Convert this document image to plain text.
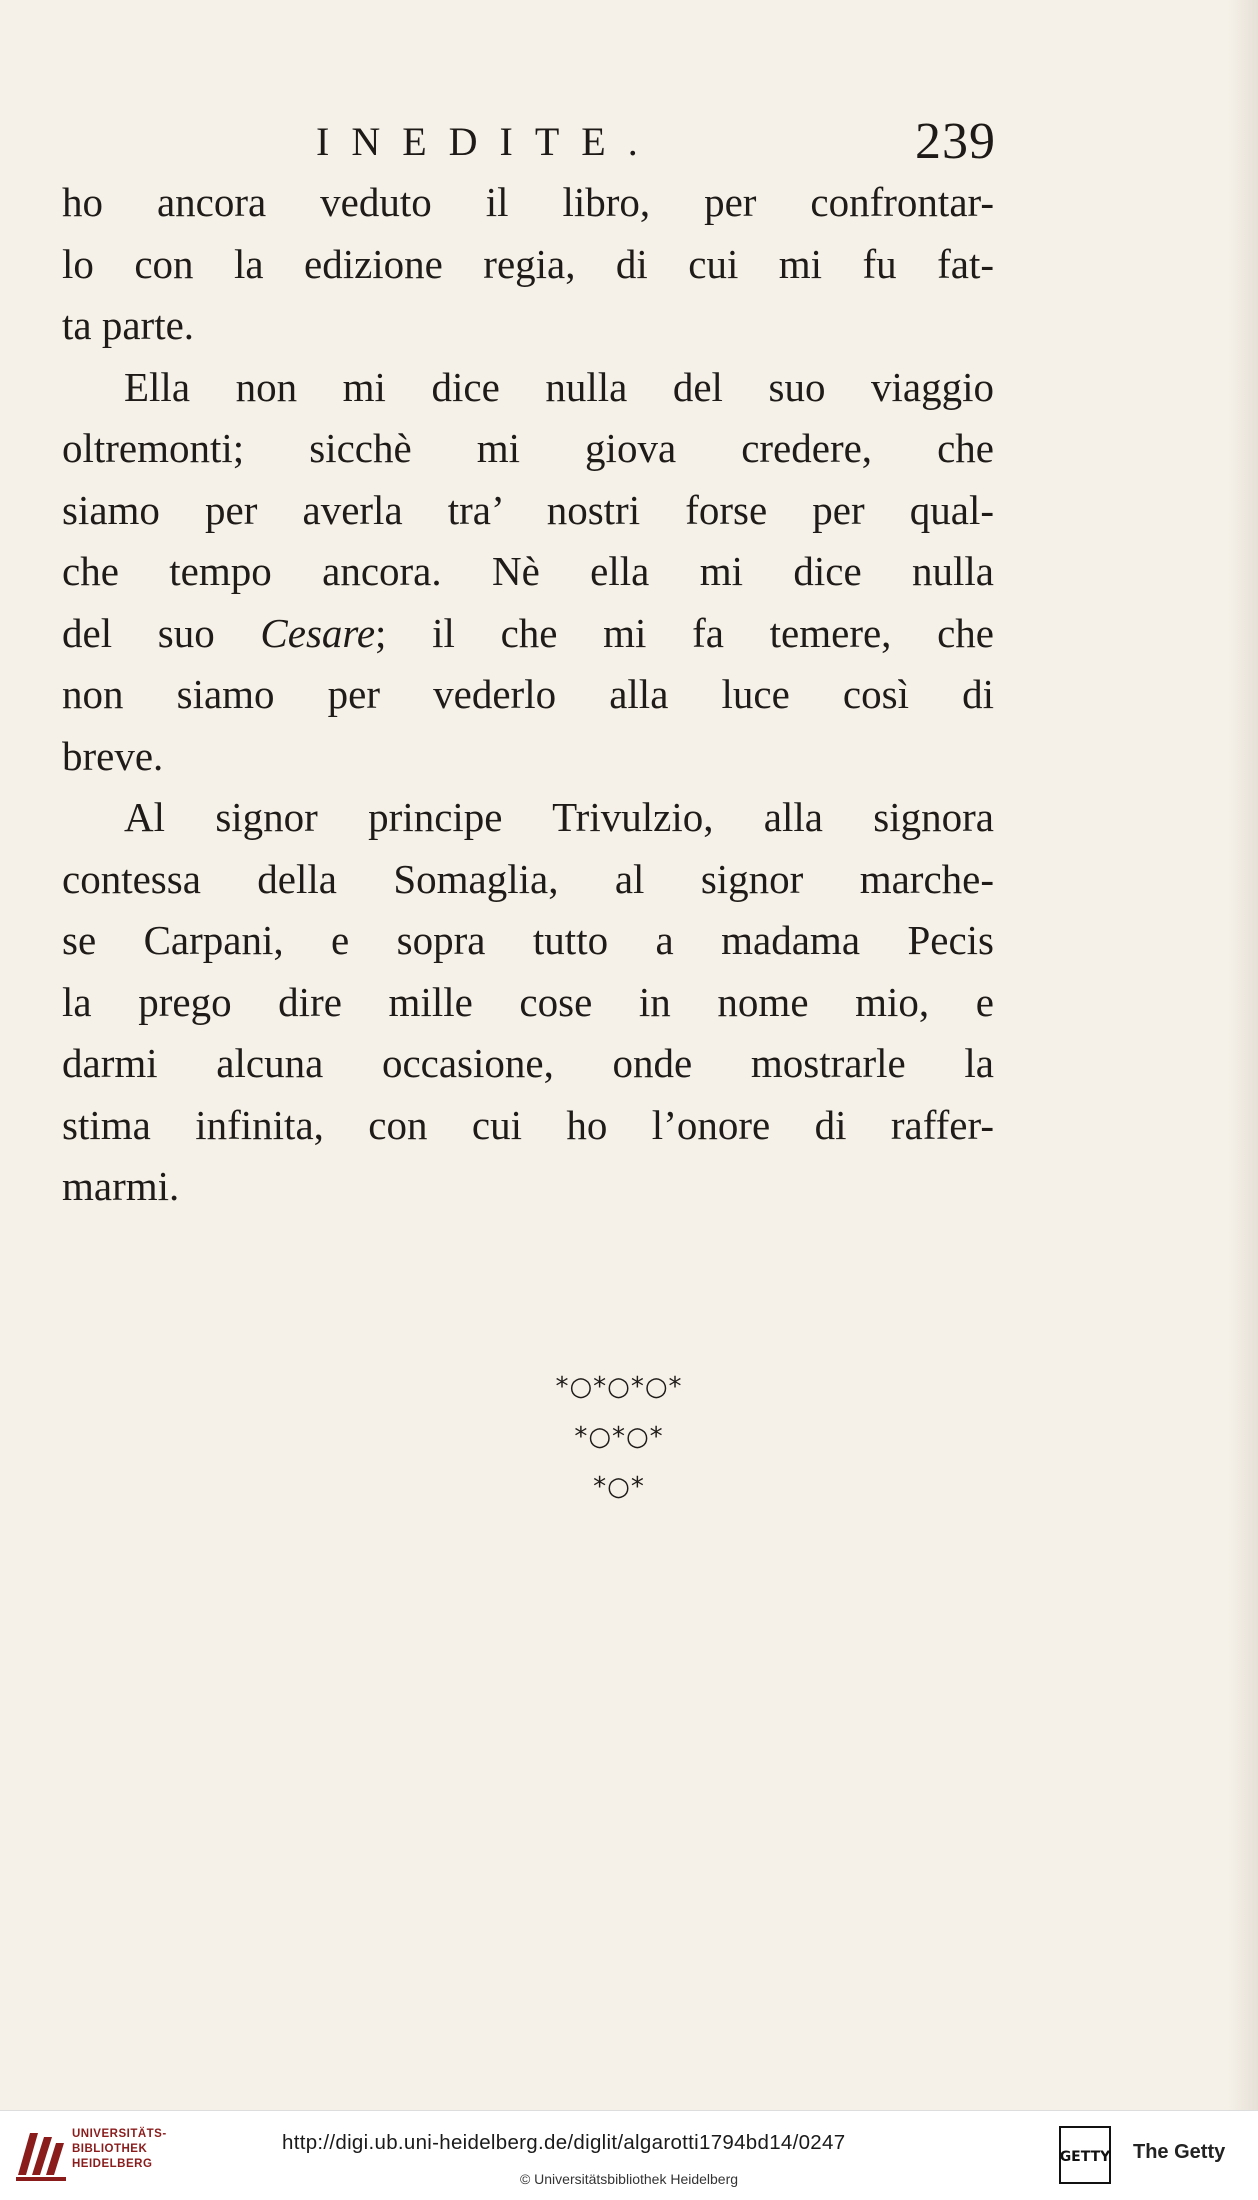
INEDITE.	239
ho ancora veduto il libro, per confrontar-
lo con la edizione regia, di cui mi fu fat-
ta parte.
Ella non mi dice nulla del suo viaggio
oltremonti; sicchè mi giova credere, che
siamo per averla tra’ nostri forse per qual-
che tempo ancora. Nè ella mi dice nulla
del suo Cesare; il che mi fa temere, che
non siamo per vederlo alla luce così di
breve.
Al signor principe Trivulzio, alla signora
contessa della Somaglia, al signor marche-
se Carpani, e sopra tutto a madama Pecis
la prego dire mille cose in nome mio, e
darmi alcuna occasione, onde mostrarle la
stima infinita, con cui ho l’onore di raffer-
marmi.
*○*○*○*
*○*○*
*○*
UNIVERSITÄTS-
BIBLIOTHEK
HEIDELBERG
http://digi.ub.uni-heidelberg.de/diglit/algarotti1794bd14/0247
© Universitätsbibliothek Heidelberg
GETTY The Getty
